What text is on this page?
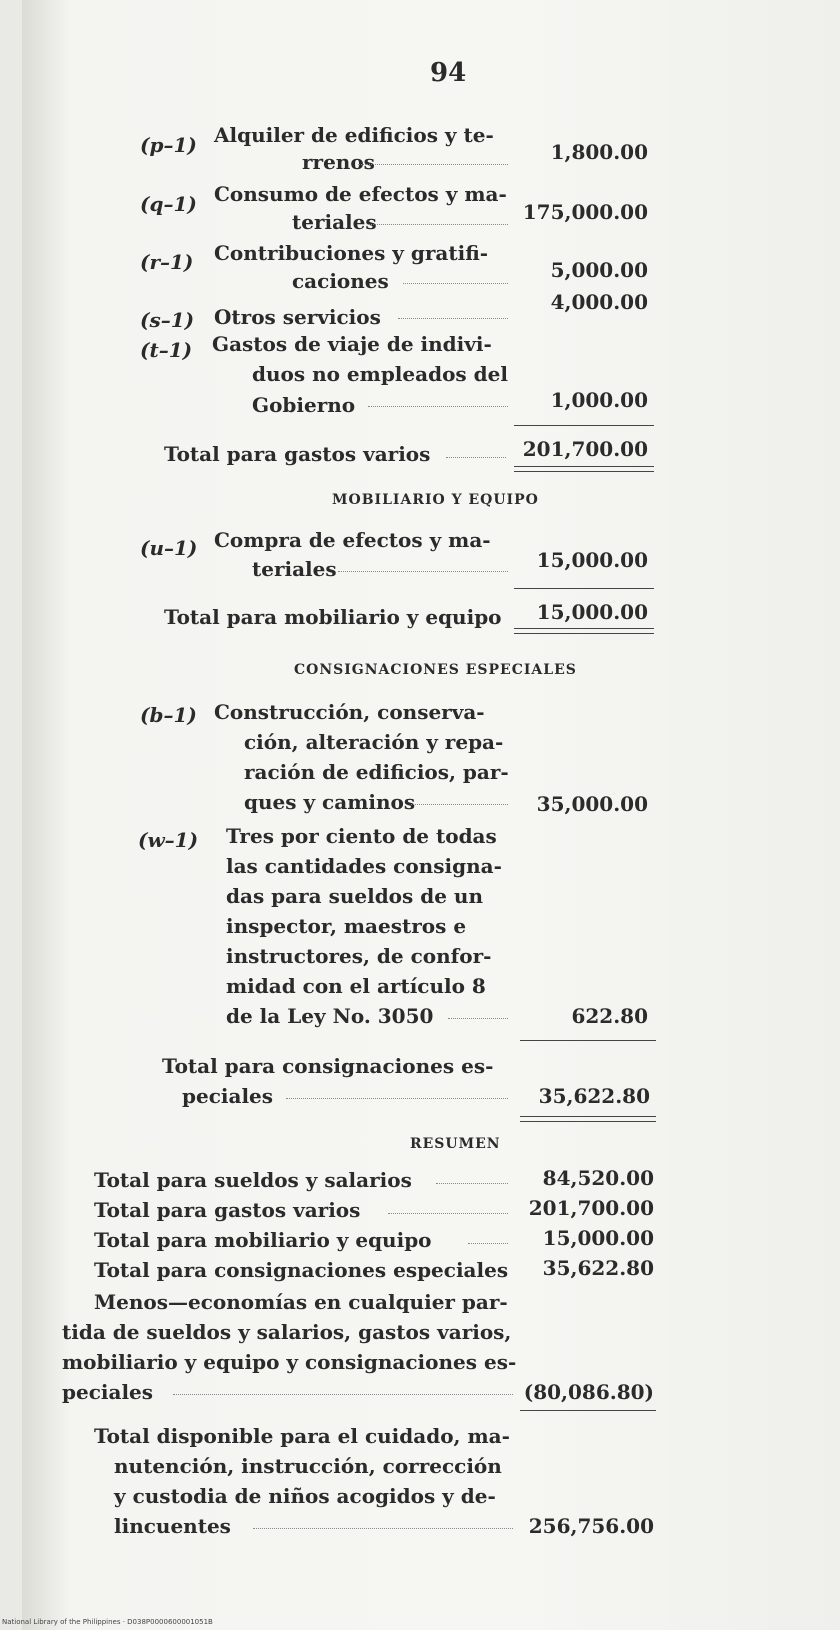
94
(p–1) Alquiler de edificios y te-
rrenos	1,800.00
(q–1) Consumo de efectos y ma-
teriales	175,000.00
(r–1) Contribuciones y gratifi-
caciones	5,000.00
(s–1) Otros servicios
4,000.00
(t–1) Gastos de viaje de indivi-
duos no empleados del
Gobierno	1,000.00
Total para gastos varios	201,700.00
MOBILIARIO Y EQUIPO
(u–1) Compra de efectos y ma-
teriales	15,000.00
Total para mobiliario y equipo	15,000.00
CONSIGNACIONES ESPECIALES
(b–1) Construcción, conserva-
ción, alteración y repa-
ración de edificios, par-
ques y caminos	35,000.00
(w–1) Tres por ciento de todas
las cantidades consigna-
das para sueldos de un
inspector, maestros e
instructores, de confor-
midad con el artículo 8
de la Ley No. 3050	622.80
Total para consignaciones es-
peciales	35,622.80
RESUMEN
Total para sueldos y salarios	84,520.00
Total para gastos varios	201,700.00
Total para mobiliario y equipo	15,000.00
Total para consignaciones especiales	35,622.80
Menos—economías en cualquier par-
tida de sueldos y salarios, gastos varios,
mobiliario y equipo y consignaciones es-
peciales	(80,086.80)
Total disponible para el cuidado, ma-
nutención, instrucción, corrección
y custodia de niños acogidos y de-
lincuentes	256,756.00
National Library of the Philippines · D038P0000600001051B
